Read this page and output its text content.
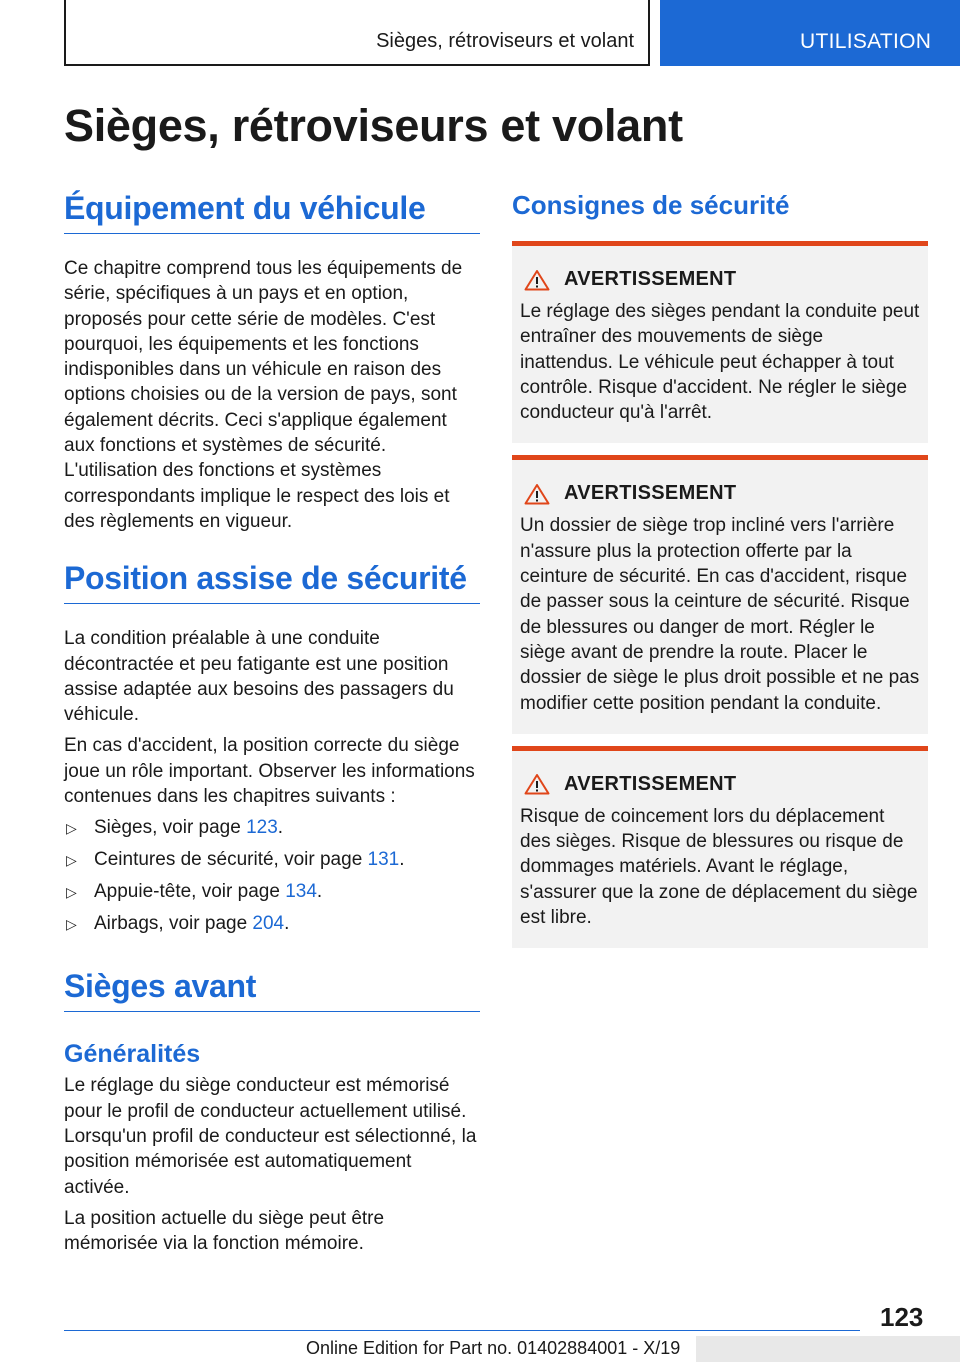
Sièges, rétroviseurs et volant	UTILISATION
Sièges, rétroviseurs et volant
Équipement du véhicule

Ce chapitre comprend tous les équipements de série, spécifiques à un pays et en option, proposés pour cette série de modèles. C'est pourquoi, les équipements et les fonctions indisponibles dans un véhicule en raison des options choisies ou de la version de pays, sont également décrits. Ceci s'applique également aux fonctions et systèmes de sécurité. L'utilisation des fonctions et systèmes correspondants implique le respect des lois et des règlements en vigueur.

Position assise de sécurité

La condition préalable à une conduite décontractée et peu fatigante est une position assise adaptée aux besoins des passagers du véhicule.

En cas d'accident, la position correcte du siège joue un rôle important. Observer les informations contenues dans les chapitres suivants :

▷ Sièges, voir page 123.
▷ Ceintures de sécurité, voir page 131.
▷ Appuie-tête, voir page 134.
▷ Airbags, voir page 204.
Sièges avant
Généralités

Le réglage du siège conducteur est mémorisé pour le profil de conducteur actuellement utilisé. Lorsqu'un profil de conducteur est sélectionné, la position mémorisée est automatiquement activée.

La position actuelle du siège peut être mémorisée via la fonction mémoire.

Consignes de sécurité
AVERTISSEMENT

Le réglage des sièges pendant la conduite peut entraîner des mouvements de siège inattendus. Le véhicule peut échapper à tout contrôle. Risque d'accident. Ne régler le siège conducteur qu'à l'arrêt.

AVERTISSEMENT

Un dossier de siège trop incliné vers l'arrière n'assure plus la protection offerte par la ceinture de sécurité. En cas d'accident, risque de passer sous la ceinture de sécurité. Risque de blessures ou danger de mort. Régler le siège avant de prendre la route. Placer le dossier de siège le plus droit possible et ne pas modifier cette position pendant la conduite.

AVERTISSEMENT

Risque de coincement lors du déplacement des sièges. Risque de blessures ou risque de dommages matériels. Avant le réglage, s'assurer que la zone de déplacement du siège est libre.

123
Online Edition for Part no. 01402884001 - X/19
